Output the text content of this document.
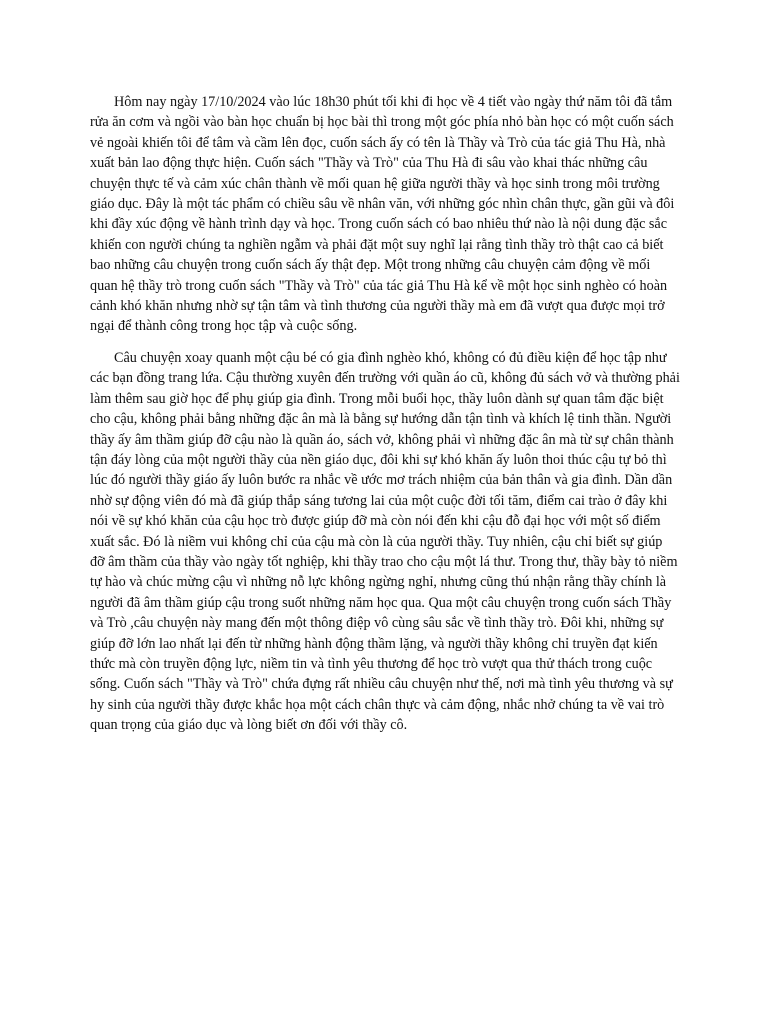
Hôm nay ngày 17/10/2024 vào lúc 18h30 phút tối khi đi học về 4 tiết vào ngày thứ năm tôi đã tắm rửa ăn cơm và ngồi vào bàn học chuẩn bị học bài thì trong một góc phía nhỏ bàn học có một cuốn sách vẻ ngoài khiến tôi để tâm và cầm lên đọc, cuốn sách ấy có tên là Thầy và Trò của tác giả Thu Hà, nhà xuất bản lao động thực hiện. Cuốn sách "Thầy và Trò" của Thu Hà đi sâu vào khai thác những câu chuyện thực tế và cảm xúc chân thành về mối quan hệ giữa người thầy và học sinh trong môi trường giáo dục. Đây là một tác phẩm có chiều sâu về nhân văn, với những góc nhìn chân thực, gần gũi và đôi khi đầy xúc động về hành trình dạy và học. Trong cuốn sách có bao nhiêu thứ nào là nội dung đặc sắc khiến con người chúng ta nghiền ngẫm và phải đặt một suy nghĩ lại rằng tình thầy trò thật cao cả biết bao những câu chuyện trong cuốn sách ấy thật đẹp. Một trong những câu chuyện cảm động về mối quan hệ thầy trò trong cuốn sách "Thầy và Trò" của tác giả Thu Hà kể về một học sinh nghèo có hoàn cảnh khó khăn nhưng nhờ sự tận tâm và tình thương của người thầy mà em đã vượt qua được mọi trở ngại để thành công trong học tập và cuộc sống.

Câu chuyện xoay quanh một cậu bé có gia đình nghèo khó, không có đủ điều kiện để học tập như các bạn đồng trang lứa. Cậu thường xuyên đến trường với quần áo cũ, không đủ sách vở và thường phải làm thêm sau giờ học để phụ giúp gia đình. Trong mỗi buổi học, thầy luôn dành sự quan tâm đặc biệt cho cậu, không phải bằng những đặc ân mà là bằng sự hướng dẫn tận tình và khích lệ tinh thần. Người thầy ấy âm thầm giúp đỡ cậu nào là quần áo, sách vở, không phải vì những đặc ân mà từ sự chân thành tận đáy lòng của một người thầy của nền giáo dục, đôi khi sự khó khăn ấy luôn thoi thúc cậu tự bỏ thì lúc đó người thầy giáo ấy luôn bước ra nhắc về ước mơ trách nhiệm của bản thân và gia đình. Dần dần nhờ sự động viên đó mà đã giúp thắp sáng tương lai của một cuộc đời tối tăm, điểm cai trào ở đây khi nói về sự khó khăn của cậu học trò được giúp đỡ mà còn nói đến khi cậu đỗ đại học với một số điểm xuất sắc. Đó là niềm vui không chỉ của cậu mà còn là của người thầy. Tuy nhiên, cậu chỉ biết sự giúp đỡ âm thầm của thầy vào ngày tốt nghiệp, khi thầy trao cho cậu một lá thư. Trong thư, thầy bày tỏ niềm tự hào và chúc mừng cậu vì những nỗ lực không ngừng nghỉ, nhưng cũng thú nhận rằng thầy chính là người đã âm thầm giúp cậu trong suốt những năm học qua. Qua một câu chuyện trong cuốn sách Thầy và Trò ,câu chuyện này mang đến một thông điệp vô cùng sâu sắc về tình thầy trò. Đôi khi, những sự giúp đỡ lớn lao nhất lại đến từ những hành động thầm lặng, và người thầy không chỉ truyền đạt kiến thức mà còn truyền động lực, niềm tin và tình yêu thương để học trò vượt qua thử thách trong cuộc sống. Cuốn sách "Thầy và Trò" chứa đựng rất nhiều câu chuyện như thế, nơi mà tình yêu thương và sự hy sinh của người thầy được khắc họa một cách chân thực và cảm động, nhắc nhở chúng ta về vai trò quan trọng của giáo dục và lòng biết ơn đối với thầy cô.
